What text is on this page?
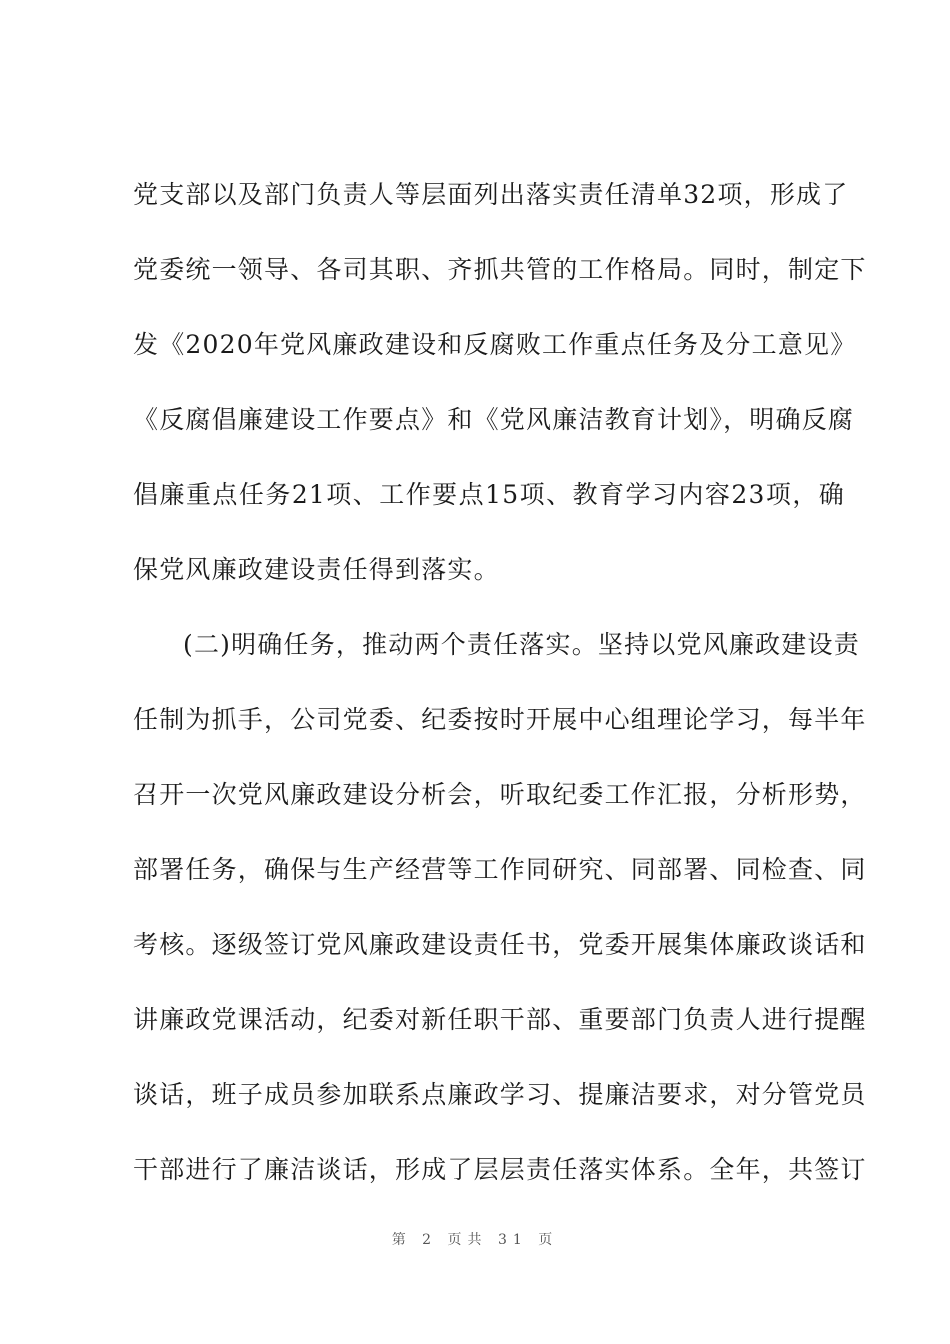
党支部以及部门负责人等层面列出落实责任清单32项，形成了
党委统一领导、各司其职、齐抓共管的工作格局。同时，制定下
发《2020年党风廉政建设和反腐败工作重点任务及分工意见》
《反腐倡廉建设工作要点》和《党风廉洁教育计划》，明确反腐
倡廉重点任务21项、工作要点15项、教育学习内容23项，确
保党风廉政建设责任得到落实。
(二)明确任务，推动两个责任落实。坚持以党风廉政建设责
任制为抓手，公司党委、纪委按时开展中心组理论学习，每半年
召开一次党风廉政建设分析会，听取纪委工作汇报，分析形势，
部署任务，确保与生产经营等工作同研究、同部署、同检查、同
考核。逐级签订党风廉政建设责任书，党委开展集体廉政谈话和
讲廉政党课活动，纪委对新任职干部、重要部门负责人进行提醒
谈话，班子成员参加联系点廉政学习、提廉洁要求，对分管党员
干部进行了廉洁谈话，形成了层层责任落实体系。全年，共签订
第 2 页共 31 页
